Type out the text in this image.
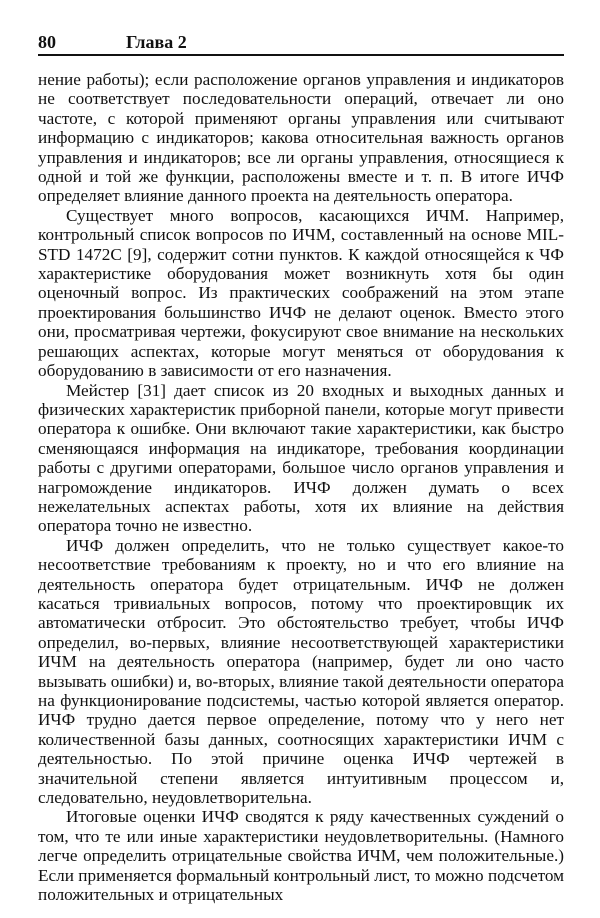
80	Глава 2

нение работы); если расположение органов управления и индикаторов не соответствует последовательности операций, отвечает ли оно частоте, с которой применяют органы управления или считывают информацию с индикаторов; какова относительная важность органов управления и индикаторов; все ли органы управления, относящиеся к одной и той же функции, расположены вместе и т. п. В итоге ИЧФ определяет влияние данного проекта на деятельность оператора.

Существует много вопросов, касающихся ИЧМ. Например, контрольный список вопросов по ИЧМ, составленный на основе MIL-STD 1472C [9], содержит сотни пунктов. К каждой относящейся к ЧФ характеристике оборудования может возникнуть хотя бы один оценочный вопрос. Из практических соображений на этом этапе проектирования большинство ИЧФ не делают оценок. Вместо этого они, просматривая чертежи, фокусируют свое внимание на нескольких решающих аспектах, которые могут меняться от оборудования к оборудованию в зависимости от его назначения.

Мейстер [31] дает список из 20 входных и выходных данных и физических характеристик приборной панели, которые могут привести оператора к ошибке. Они включают такие характеристики, как быстро сменяющаяся информация на индикаторе, требования координации работы с другими операторами, большое число органов управления и нагромождение индикаторов. ИЧФ должен думать о всех нежелательных аспектах работы, хотя их влияние на действия оператора точно не известно.

ИЧФ должен определить, что не только существует какое-то несоответствие требованиям к проекту, но и что его влияние на деятельность оператора будет отрицательным. ИЧФ не должен касаться тривиальных вопросов, потому что проектировщик их автоматически отбросит. Это обстоятельство требует, чтобы ИЧФ определил, во-первых, влияние несоответствующей характеристики ИЧМ на деятельность оператора (например, будет ли оно часто вызывать ошибки) и, во-вторых, влияние такой деятельности оператора на функционирование подсистемы, частью которой является оператор. ИЧФ трудно дается первое определение, потому что у него нет количественной базы данных, соотносящих характеристики ИЧМ с деятельностью. По этой причине оценка ИЧФ чертежей в значительной степени является интуитивным процессом и, следовательно, неудовлетворительна.

Итоговые оценки ИЧФ сводятся к ряду качественных суждений о том, что те или иные характеристики неудовлетворительны. (Намного легче определить отрицательные свойства ИЧМ, чем положительные.) Если применяется формальный контрольный лист, то можно подсчетом положительных и отрицательных
